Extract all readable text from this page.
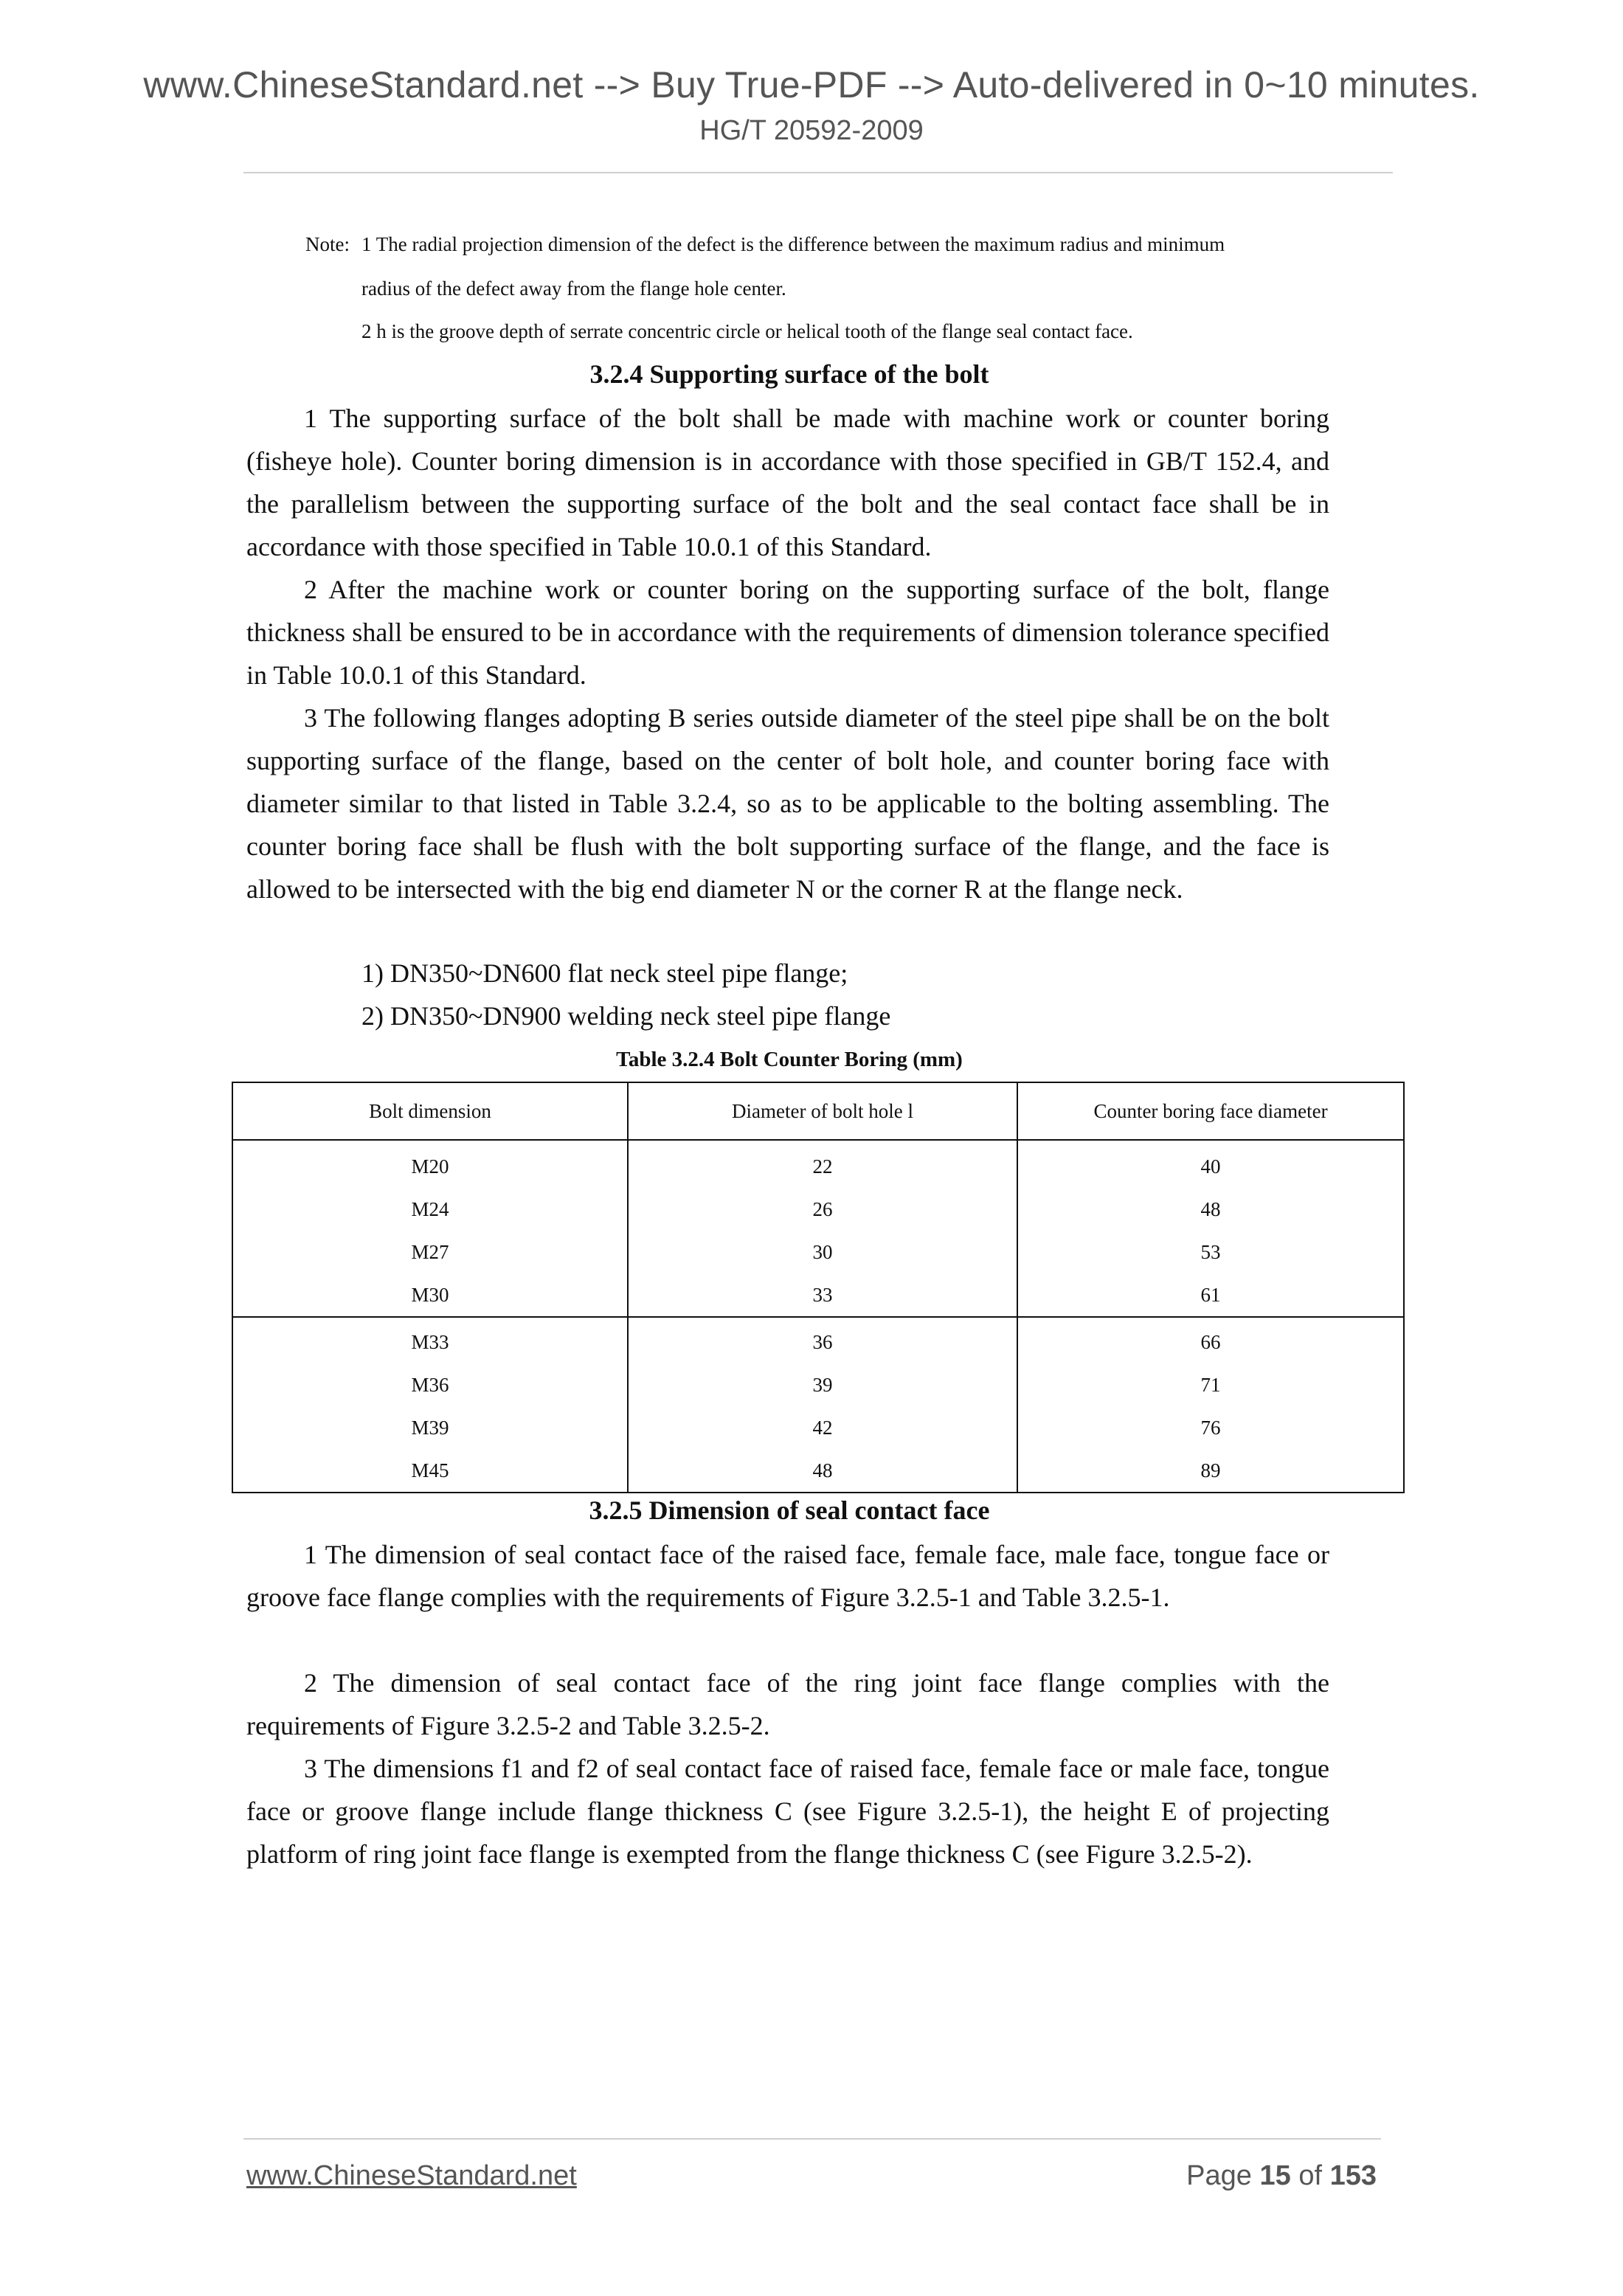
www.ChineseStandard.net --> Buy True-PDF --> Auto-delivered in 0~10 minutes.
HG/T 20592-2009
Note: 1 The radial projection dimension of the defect is the difference between the maximum radius and minimum
radius of the defect away from the flange hole center.
2 h is the groove depth of serrate concentric circle or helical tooth of the flange seal contact face.
3.2.4 Supporting surface of the bolt

1 The supporting surface of the bolt shall be made with machine work or counter boring (fisheye hole). Counter boring dimension is in accordance with those specified in GB/T 152.4, and the parallelism between the supporting surface of the bolt and the seal contact face shall be in accordance with those specified in Table 10.0.1 of this Standard.

2 After the machine work or counter boring on the supporting surface of the bolt, flange thickness shall be ensured to be in accordance with the requirements of dimension tolerance specified in Table 10.0.1 of this Standard.

3 The following flanges adopting B series outside diameter of the steel pipe shall be on the bolt supporting surface of the flange, based on the center of bolt hole, and counter boring face with diameter similar to that listed in Table 3.2.4, so as to be applicable to the bolting assembling. The counter boring face shall be flush with the bolt supporting surface of the flange, and the face is allowed to be intersected with the big end diameter N or the corner R at the flange neck.

1) DN350~DN600 flat neck steel pipe flange;
2) DN350~DN900 welding neck steel pipe flange
Table 3.2.4 Bolt Counter Boring (mm)
Bolt dimension	Diameter of bolt hole l	Counter boring face diameter
M20	22	40
M24	26	48
M27	30	53
M30	33	61
M33	36	66
M36	39	71
M39	42	76
M45	48	89
3.2.5 Dimension of seal contact face

1 The dimension of seal contact face of the raised face, female face, male face, tongue face or groove face flange complies with the requirements of Figure 3.2.5-1 and Table 3.2.5-1.

2 The dimension of seal contact face of the ring joint face flange complies with the requirements of Figure 3.2.5-2 and Table 3.2.5-2.

3 The dimensions f1 and f2 of seal contact face of raised face, female face or male face, tongue face or groove flange include flange thickness C (see Figure 3.2.5-1), the height E of projecting platform of ring joint face flange is exempted from the flange thickness C (see Figure 3.2.5-2).

www.ChineseStandard.net	Page 15 of 153
